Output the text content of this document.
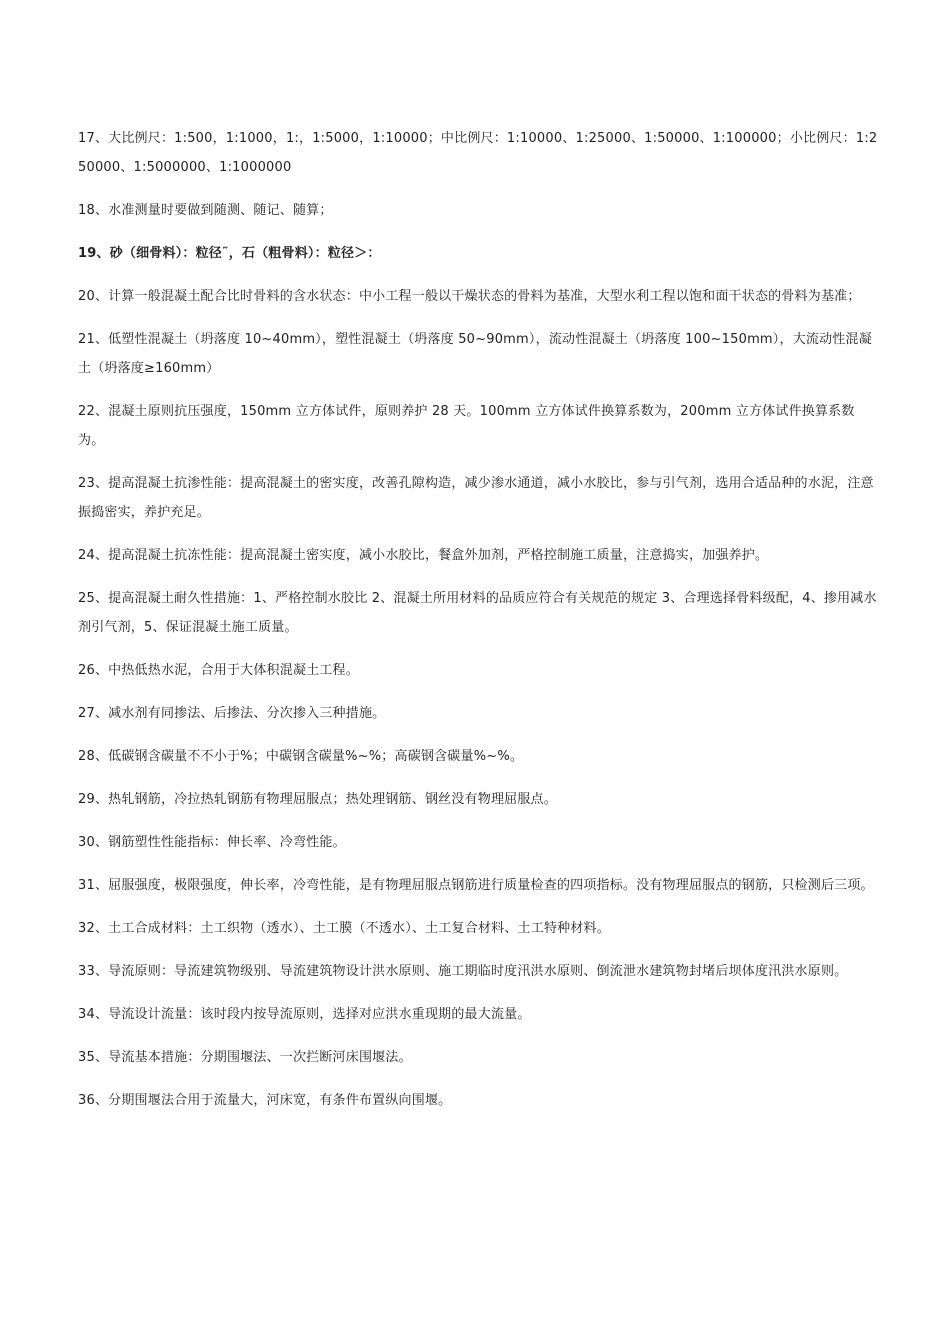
17、大比例尺：1:500，1:1000，1:，1:5000，1:10000；中比例尺：1:10000、1:25000、1:50000、1:100000；小比例尺：1:250000、1:5000000、1:1000000

18、水准测量时要做到随测、随记、随算；

19、砂（细骨料）：粒径˜，石（粗骨料）：粒径＞：

20、计算一般混凝土配合比时骨料的含水状态：中小工程一般以干燥状态的骨料为基准，大型水利工程以饱和面干状态的骨料为基准；

21、低塑性混凝土（坍落度 10~40mm），塑性混凝土（坍落度 50~90mm），流动性混凝土（坍落度 100~150mm），大流动性混凝土（坍落度≥160mm）

22、混凝土原则抗压强度，150mm 立方体试件，原则养护 28 天。100mm 立方体试件换算系数为，200mm 立方体试件换算系数为。

23、提高混凝土抗渗性能：提高混凝土的密实度，改善孔隙构造，减少渗水通道，减小水胶比，参与引气剂，选用合适品种的水泥，注意振捣密实，养护充足。

24、提高混凝土抗冻性能：提高混凝土密实度，减小水胶比，餐盒外加剂，严格控制施工质量，注意捣实，加强养护。

25、提高混凝土耐久性措施：1、严格控制水胶比 2、混凝土所用材料的品质应符合有关规范的规定 3、合理选择骨料级配，4、掺用减水剂引气剂，5、保证混凝土施工质量。

26、中热低热水泥，合用于大体积混凝土工程。

27、减水剂有同掺法、后掺法、分次掺入三种措施。

28、低碳钢含碳量不不小于%；中碳钢含碳量%~%；高碳钢含碳量%~%。

29、热轧钢筋，冷拉热轧钢筋有物理屈服点；热处理钢筋、钢丝没有物理屈服点。

30、钢筋塑性性能指标：伸长率、冷弯性能。

31、屈服强度，极限强度，伸长率，冷弯性能，是有物理屈服点钢筋进行质量检查的四项指标。没有物理屈服点的钢筋，只检测后三项。

32、土工合成材料：土工织物（透水）、土工膜（不透水）、土工复合材料、土工特种材料。

33、导流原则：导流建筑物级别、导流建筑物设计洪水原则、施工期临时度汛洪水原则、倒流泄水建筑物封堵后坝体度汛洪水原则。

34、导流设计流量：该时段内按导流原则，选择对应洪水重现期的最大流量。

35、导流基本措施：分期围堰法、一次拦断河床围堰法。

36、分期围堰法合用于流量大，河床宽，有条件布置纵向围堰。
